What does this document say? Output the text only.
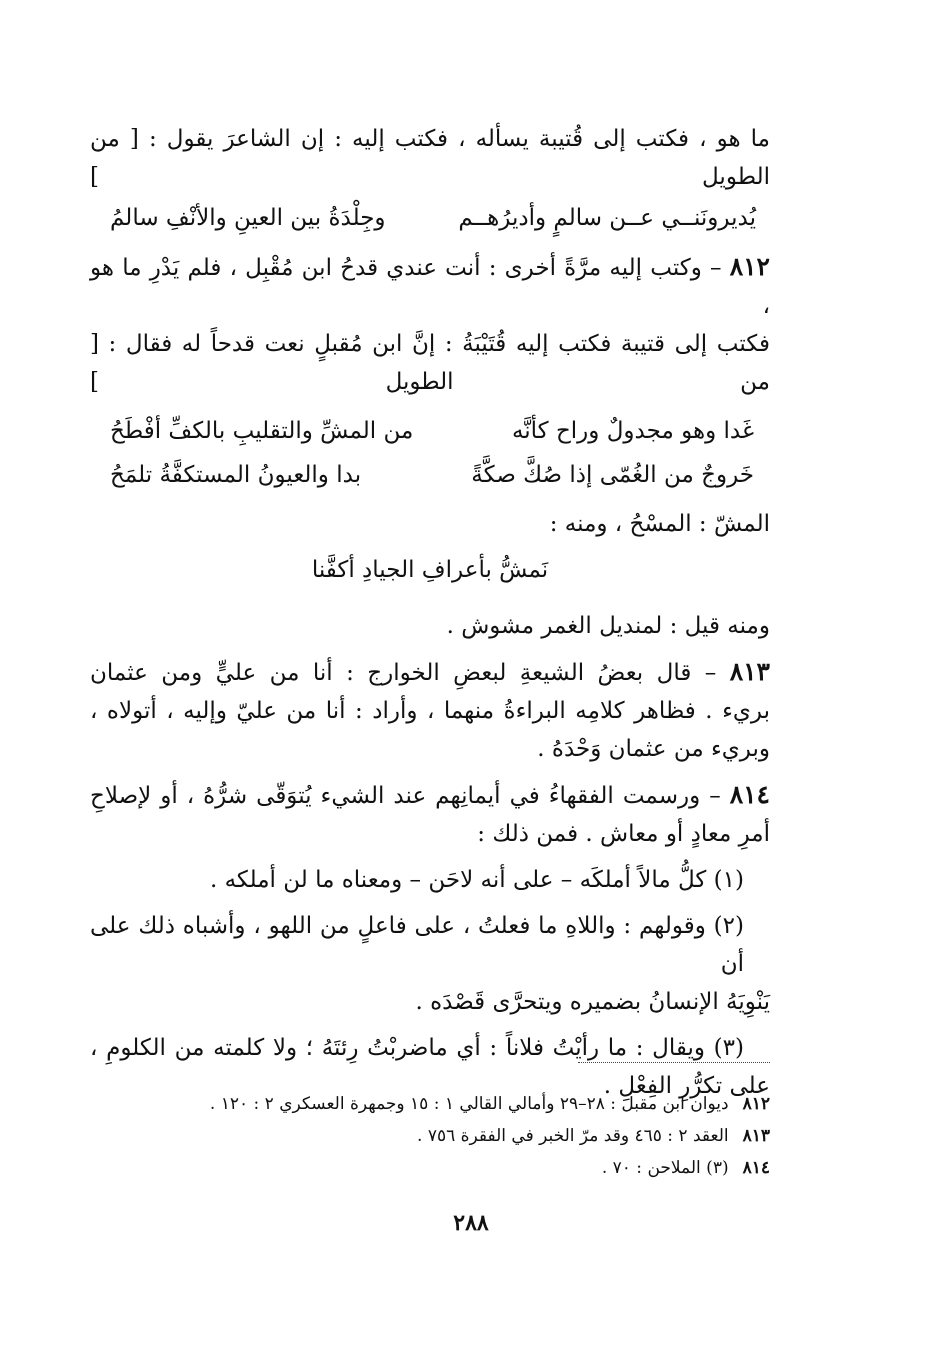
ما هو ، فكتب إلى قُتيبة يسأله ، فكتب إليه : إن الشاعرَ يقول : [ من الطويل ]
يُديرونَنــي عــن سالمٍ وأديرُهــم
وجِلْدَةُ بين العينِ والأنْفِ سالمُ
٨١٢ – وكتب إليه مرَّةً أخرى : أنت عندي قدحُ ابن مُقْبِل ، فلم يَدْرِ ما هو ،
فكتب إلى قتيبة فكتب إليه قُتَيْبَةُ : إنَّ ابن مُقبلٍ نعت قدحاً له فقال : [ من الطويل ]
غَدا وهو مجدولٌ وراح كأنَّه
من المشِّ والتقليبِ بالكفِّ أفْطَحُ
خَروجٌ من الغُمّى إذا صُكَّ صكَّةً
بدا والعيونُ المستكفَّةُ تلمَحُ
المشّ : المسْحُ ، ومنه :
نَمشُّ بأعرافِ الجيادِ أكفَّنا
ومنه قيل : لمنديل الغمر مشوش .
٨١٣ – قال بعضُ الشيعةِ لبعضِ الخوارج : أنا من عليٍّ ومن عثمان
بريء . فظاهر كلامِه البراءةُ منهما ، وأراد : أنا من عليّ وإليه ، أتولاه ،
وبريء من عثمان وَحْدَهُ .
٨١٤ – ورسمت الفقهاءُ في أيمانِهم عند الشيء يُتوَقّى شرُّهُ ، أو لإصلاحِ
أمرِ معادٍ أو معاش . فمن ذلك :
(١) كلُّ مالاً أملكَه – على أنه لاحَن – ومعناه ما لن أملكه .
(٢) وقولهم : واللاهِ ما فعلتُ ، على فاعلٍ من اللهو ، وأشباه ذلك على أن
يَنْوِيَهُ الإنسانُ بضميره ويتحرَّى قَصْدَه .
(٣) ويقال : ما رأيْتُ فلاناً : أي ماضربْتُ رِئتَهُ ؛ ولا كلمته من الكلومِ ،
على تكرُّرِ الفِعْلِ .
٨١٢ديوان ابن مقبل : ٢٨–٢٩ وأمالي القالي ١ : ١٥ وجمهرة العسكري ٢ : ١٢٠ .
٨١٣العقد ٢ : ٤٦٥ وقد مرّ الخبر في الفقرة ٧٥٦ .
٨١٤(٣) الملاحن : ٧٠ .
٢٨٨
